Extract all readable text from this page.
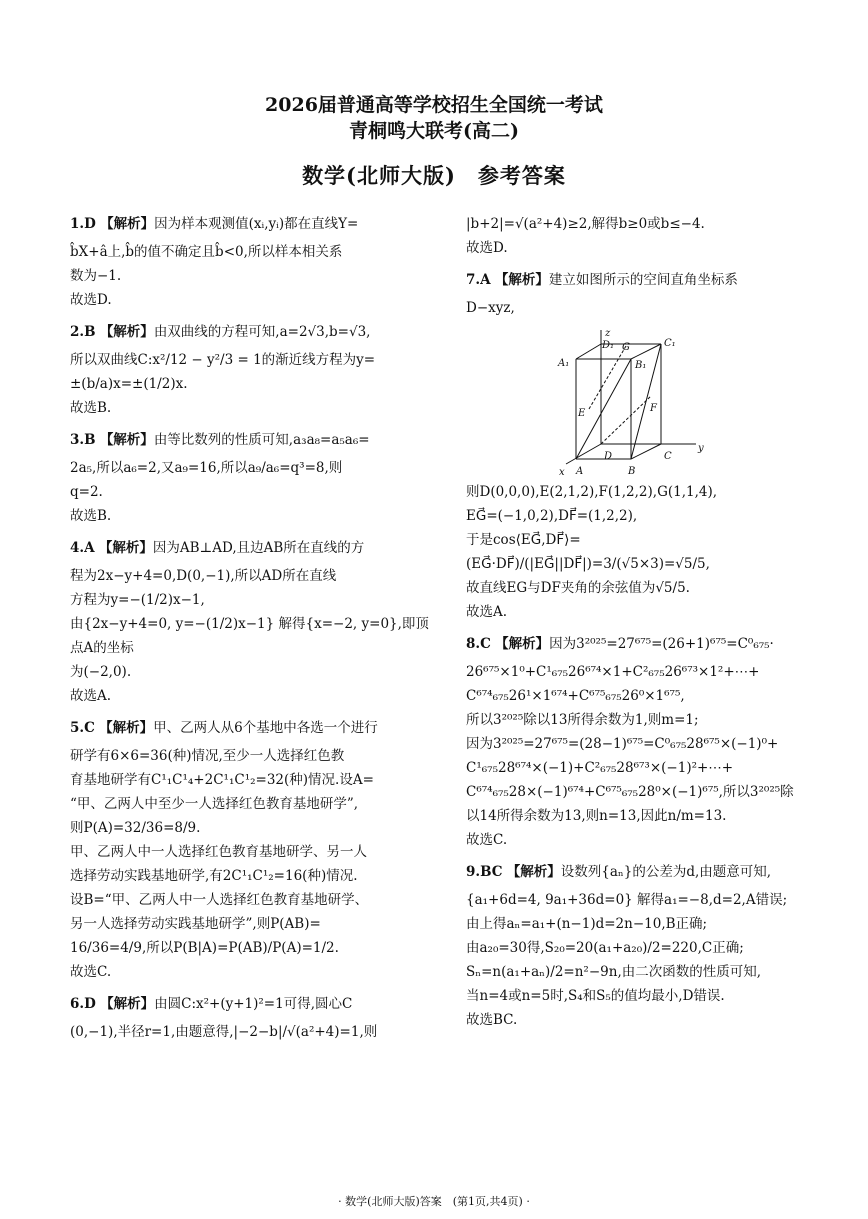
2026届普通高等学校招生全国统一考试
青桐鸣大联考(高二)
数学(北师大版)　参考答案

1.D 【解析】因为样本观测值(xᵢ,yᵢ)都在直线Y=

b̂X+â上,b̂的值不确定且b̂<0,所以样本相关系

数为−1.

故选D.

2.B 【解析】由双曲线的方程可知,a=2√3,b=√3,

所以双曲线C:x²/12 − y²/3 = 1的渐近线方程为y=

±(b/a)x=±(1/2)x.

故选B.

3.B 【解析】由等比数列的性质可知,a₃a₈=a₅a₆=

2a₅,所以a₆=2,又a₉=16,所以a₉/a₆=q³=8,则

q=2.

故选B.

4.A 【解析】因为AB⊥AD,且边AB所在直线的方

程为2x−y+4=0,D(0,−1),所以AD所在直线

方程为y=−(1/2)x−1,

由{2x−y+4=0, y=−(1/2)x−1} 解得{x=−2, y=0},即顶点A的坐标

为(−2,0).

故选A.

5.C 【解析】甲、乙两人从6个基地中各选一个进行

研学有6×6=36(种)情况,至少一人选择红色教

育基地研学有C¹₁C¹₄+2C¹₁C¹₂=32(种)情况.设A=

“甲、乙两人中至少一人选择红色教育基地研学”,

则P(A)=32/36=8/9.

甲、乙两人中一人选择红色教育基地研学、另一人

选择劳动实践基地研学,有2C¹₁C¹₂=16(种)情况.

设B=“甲、乙两人中一人选择红色教育基地研学、

另一人选择劳动实践基地研学”,则P(AB)=

16/36=4/9,所以P(B|A)=P(AB)/P(A)=1/2.

故选C.

6.D 【解析】由圆C:x²+(y+1)²=1可得,圆心C

(0,−1),半径r=1,由题意得,|−2−b|/√(a²+4)=1,则

|b+2|=√(a²+4)≥2,解得b≥0或b≤−4.

故选D.

7.A 【解析】建立如图所示的空间直角坐标系

D−xyz,

z
D₁ G	C₁
A₁	B₁
E	F
D	C
y
A	B
x

则D(0,0,0),E(2,1,2),F(1,2,2),G(1,1,4),

EG⃗=(−1,0,2),DF⃗=(1,2,2),

于是cos⟨EG⃗,DF⃗⟩=(EG⃗·DF⃗)/(|EG⃗||DF⃗|)=3/(√5×3)=√5/5,

故直线EG与DF夹角的余弦值为√5/5.

故选A.

8.C 【解析】因为3²⁰²⁵=27⁶⁷⁵=(26+1)⁶⁷⁵=C⁰₆₇₅·

26⁶⁷⁵×1⁰+C¹₆₇₅26⁶⁷⁴×1+C²₆₇₅26⁶⁷³×1²+⋯+

C⁶⁷⁴₆₇₅26¹×1⁶⁷⁴+C⁶⁷⁵₆₇₅26⁰×1⁶⁷⁵,

所以3²⁰²⁵除以13所得余数为1,则m=1;

因为3²⁰²⁵=27⁶⁷⁵=(28−1)⁶⁷⁵=C⁰₆₇₅28⁶⁷⁵×(−1)⁰+

C¹₆₇₅28⁶⁷⁴×(−1)+C²₆₇₅28⁶⁷³×(−1)²+⋯+

C⁶⁷⁴₆₇₅28×(−1)⁶⁷⁴+C⁶⁷⁵₆₇₅28⁰×(−1)⁶⁷⁵,所以3²⁰²⁵除

以14所得余数为13,则n=13,因此n/m=13.

故选C.

9.BC 【解析】设数列{aₙ}的公差为d,由题意可知,

{a₁+6d=4, 9a₁+36d=0} 解得a₁=−8,d=2,A错误;

由上得aₙ=a₁+(n−1)d=2n−10,B正确;

由a₂₀=30得,S₂₀=20(a₁+a₂₀)/2=220,C正确;

Sₙ=n(a₁+aₙ)/2=n²−9n,由二次函数的性质可知,

当n=4或n=5时,S₄和S₅的值均最小,D错误.

故选BC.

· 数学(北师大版)答案　(第1页,共4页) ·
